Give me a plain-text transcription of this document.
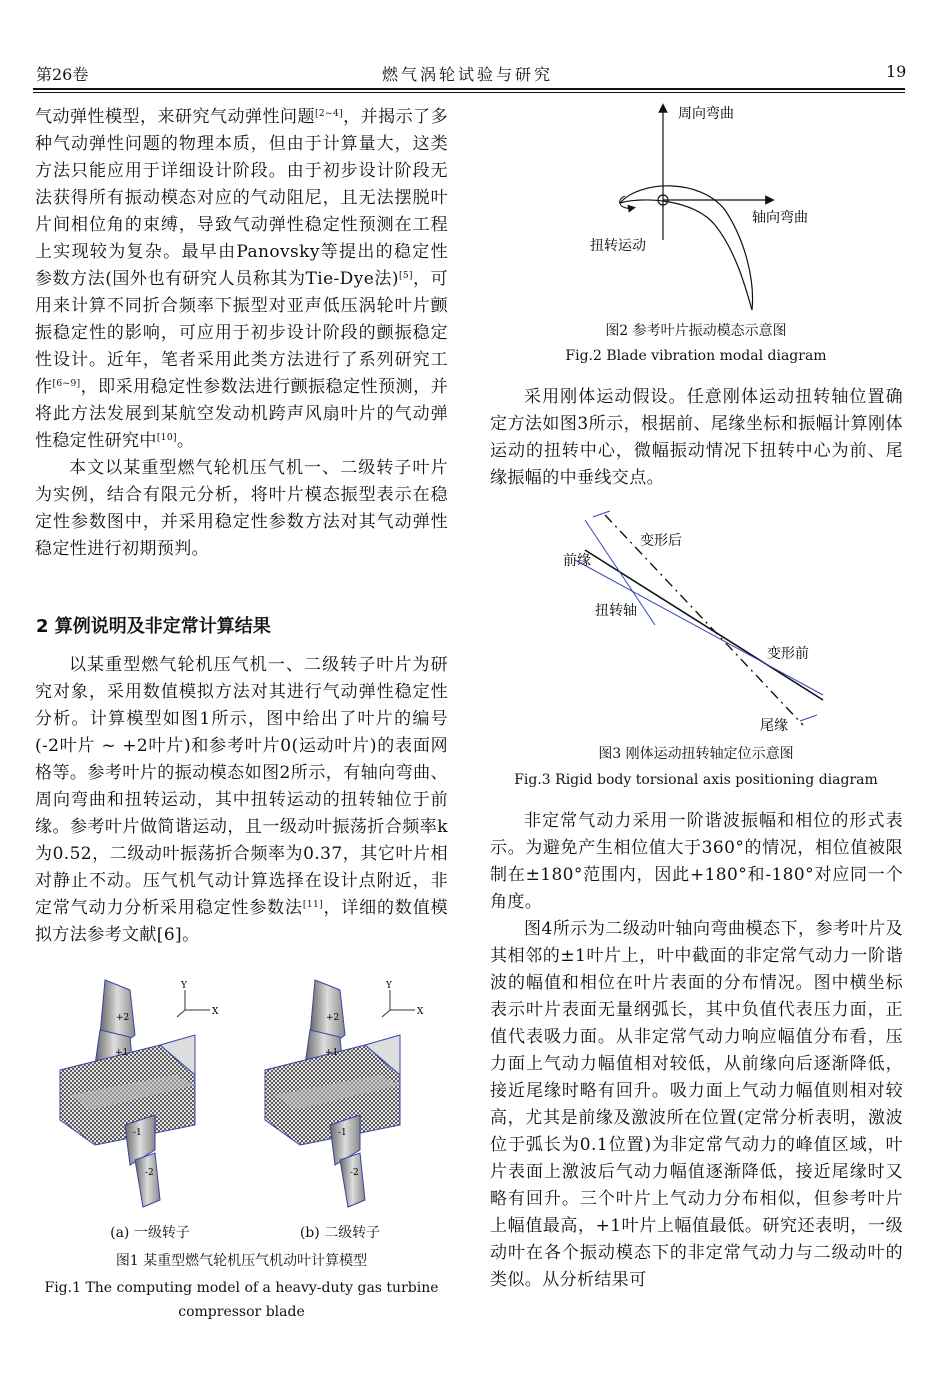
第26卷	燃气涡轮试验与研究	19

气动弹性模型，来研究气动弹性问题[2~4]，并揭示了多种气动弹性问题的物理本质，但由于计算量大，这类方法只能应用于详细设计阶段。由于初步设计阶段无法获得所有振动模态对应的气动阻尼，且无法摆脱叶片间相位角的束缚，导致气动弹性稳定性预测在工程上实现较为复杂。最早由Panovsky等提出的稳定性参数方法(国外也有研究人员称其为Tie-Dye法)[5]，可用来计算不同折合频率下振型对亚声低压涡轮叶片颤振稳定性的影响，可应用于初步设计阶段的颤振稳定性设计。近年，笔者采用此类方法进行了系列研究工作[6~9]，即采用稳定性参数法进行颤振稳定性预测，并将此方法发展到某航空发动机跨声风扇叶片的气动弹性稳定性研究中[10]。

本文以某重型燃气轮机压气机一、二级转子叶片为实例，结合有限元分析，将叶片模态振型表示在稳定性参数图中，并采用稳定性参数方法对其气动弹性稳定性进行初期预判。

2 算例说明及非定常计算结果

以某重型燃气轮机压气机一、二级转子叶片为研究对象，采用数值模拟方法对其进行气动弹性稳定性分析。计算模型如图1所示，图中给出了叶片的编号(-2叶片 ~ +2叶片)和参考叶片0(运动叶片)的表面网格等。参考叶片的振动模态如图2所示，有轴向弯曲、周向弯曲和扭转运动，其中扭转运动的扭转轴位于前缘。参考叶片做简谐运动，且一级动叶振荡折合频率k为0.52，二级动叶振荡折合频率为0.37，其它叶片相对静止不动。压气机气动计算选择在设计点附近，非定常气动力分析采用稳定性参数法[11]，详细的数值模拟方法参考文献[6]。

Y
X
+2
+1
-1
-2
Y
X
+2
+1
-1
-2
(a) 一级转子	(b) 二级转子
图1 某重型燃气轮机压气机动叶计算模型
Fig.1 The computing model of a heavy-duty gas turbine
compressor blade
周向弯曲
轴向弯曲
扭转运动
图2 参考叶片振动模态示意图
Fig.2 Blade vibration modal diagram

采用刚体运动假设。任意刚体运动扭转轴位置确定方法如图3所示，根据前、尾缘坐标和振幅计算刚体运动的扭转中心，微幅振动情况下扭转中心为前、尾缘振幅的中垂线交点。

变形后
前缘
扭转轴
变形前
尾缘
图3 刚体运动扭转轴定位示意图
Fig.3 Rigid body torsional axis positioning diagram

非定常气动力采用一阶谐波振幅和相位的形式表示。为避免产生相位值大于360°的情况，相位值被限制在±180°范围内，因此+180°和-180°对应同一个角度。

图4所示为二级动叶轴向弯曲模态下，参考叶片及其相邻的±1叶片上，叶中截面的非定常气动力一阶谐波的幅值和相位在叶片表面的分布情况。图中横坐标表示叶片表面无量纲弧长，其中负值代表压力面，正值代表吸力面。从非定常气动力响应幅值分布看，压力面上气动力幅值相对较低，从前缘向后逐渐降低，接近尾缘时略有回升。吸力面上气动力幅值则相对较高，尤其是前缘及激波所在位置(定常分析表明，激波位于弧长为0.1位置)为非定常气动力的峰值区域，叶片表面上激波后气动力幅值逐渐降低，接近尾缘时又略有回升。三个叶片上气动力分布相似，但参考叶片上幅值最高，+1叶片上幅值最低。研究还表明，一级动叶在各个振动模态下的非定常气动力与二级动叶的类似。从分析结果可
